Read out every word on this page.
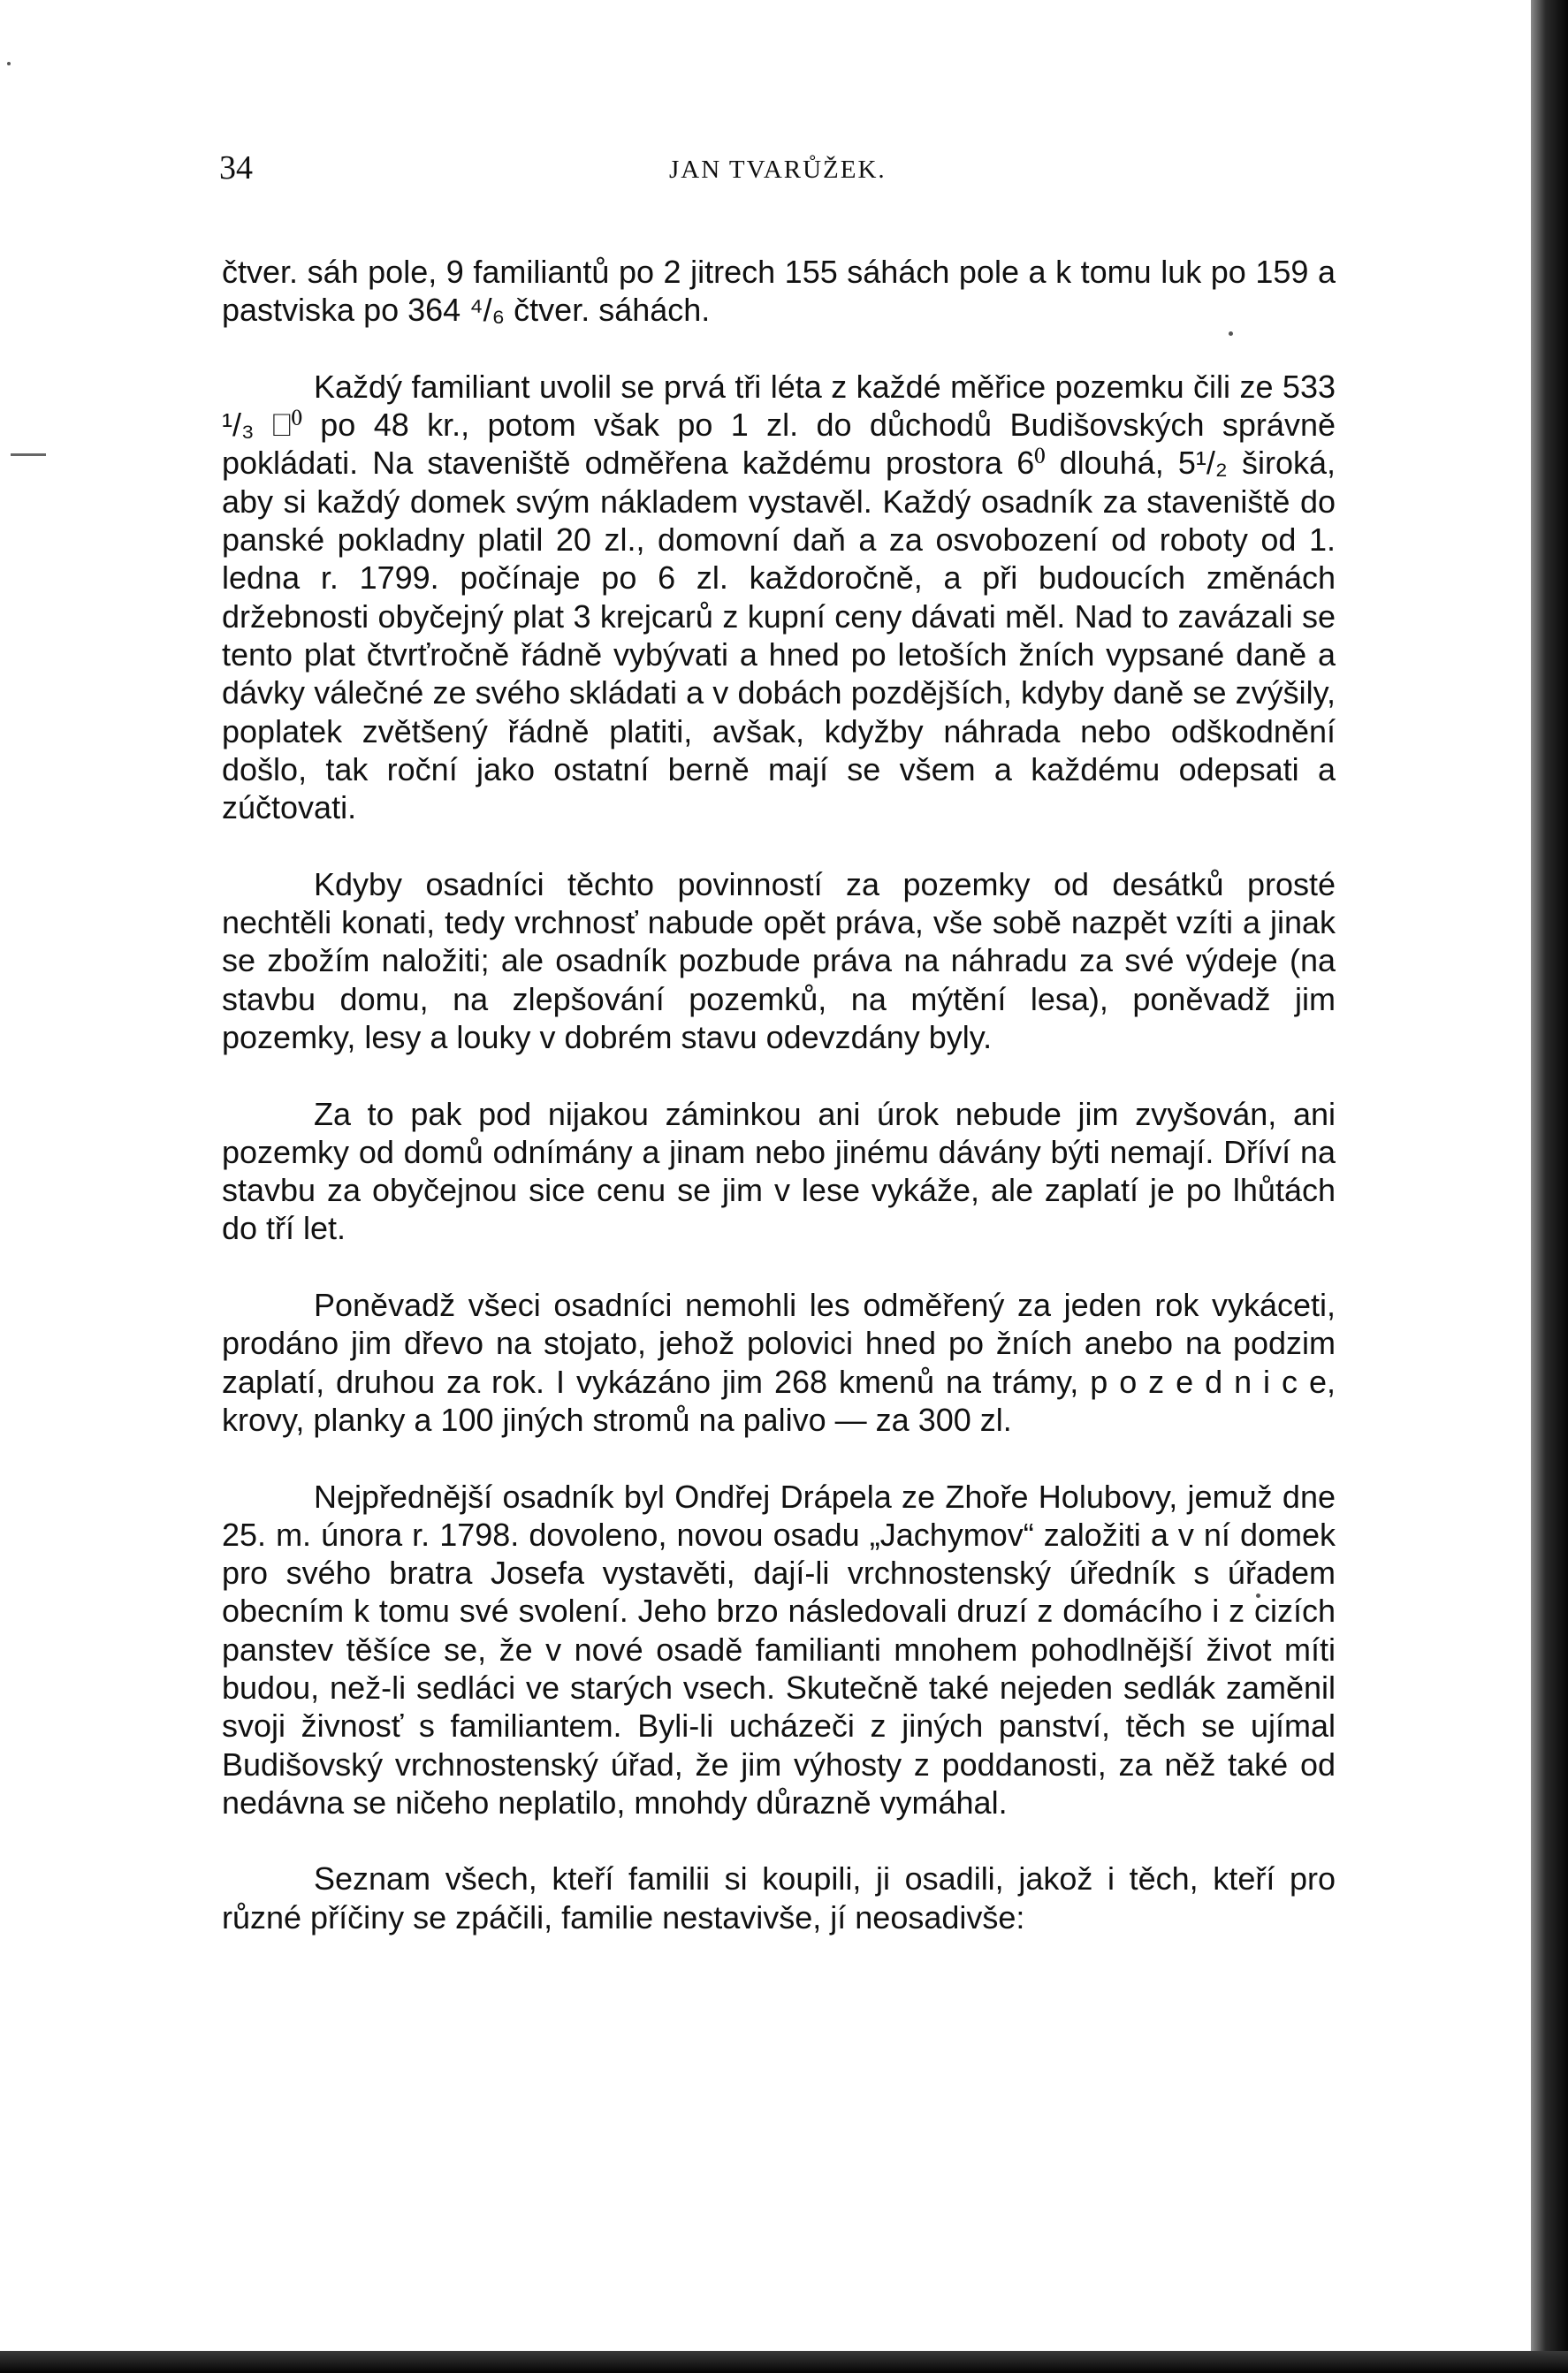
34	JAN TVARŮŽEK.

čtver. sáh pole, 9 familiantů po 2 jitrech 155 sáhách pole a k tomu luk po 159 a pastviska po 364 ⁴/₆ čtver. sáhách.

Každý familiant uvolil se prvá tři léta z každé měřice pozemku čili ze 533 ¹/₃ ⎕⁰ po 48 kr., potom však po 1 zl. do důchodů Budišovských správně pokládati. Na staveniště odměřena každému prostora 6⁰ dlouhá, 5¹/₂ široká, aby si každý domek svým nákladem vystavěl. Každý osadník za staveniště do panské pokladny platil 20 zl., domovní daň a za osvobození od roboty od 1. ledna r. 1799. počínaje po 6 zl. každoročně, a při budoucích změnách držebnosti obyčejný plat 3 krejcarů z kupní ceny dávati měl. Nad to zavázali se tento plat čtvrťročně řádně vybývati a hned po letoších žních vypsané daně a dávky válečné ze svého skládati a v dobách pozdějších, kdyby daně se zvýšily, poplatek zvětšený řádně platiti, avšak, kdyžby náhrada nebo odškodnění došlo, tak roční jako ostatní berně mají se všem a každému odepsati a zúčtovati.

Kdyby osadníci těchto povinností za pozemky od desátků prosté nechtěli konati, tedy vrchnosť nabude opět práva, vše sobě nazpět vzíti a jinak se zbožím naložiti; ale osadník pozbude práva na náhradu za své výdeje (na stavbu domu, na zlepšování pozemků, na mýtění lesa), poněvadž jim pozemky, lesy a louky v dobrém stavu odevzdány byly.

Za to pak pod nijakou záminkou ani úrok nebude jim zvyšován, ani pozemky od domů odnímány a jinam nebo jinému dávány býti nemají. Dříví na stavbu za obyčejnou sice cenu se jim v lese vykáže, ale zaplatí je po lhůtách do tří let.

Poněvadž všeci osadníci nemohli les odměřený za jeden rok vykáceti, prodáno jim dřevo na stojato, jehož polovici hned po žních anebo na podzim zaplatí, druhou za rok. I vykázáno jim 268 kmenů na trámy, p o z e d n i c e, krovy, planky a 100 jiných stromů na palivo — za 300 zl.

Nejpřednější osadník byl Ondřej Drápela ze Zhoře Holubovy, jemuž dne 25. m. února r. 1798. dovoleno, novou osadu „Jachymov“ založiti a v ní domek pro svého bratra Josefa vystavěti, dají-li vrchnostenský úředník s úřadem obecním k tomu své svolení. Jeho brzo následovali druzí z domácího i z cizích panstev těšíce se, že v nové osadě familianti mnohem pohodlnější život míti budou, než-li sedláci ve starých vsech. Skutečně také nejeden sedlák zaměnil svoji živnosť s familiantem. Byli-li ucházeči z jiných panství, těch se ujímal Budišovský vrchnostenský úřad, že jim výhosty z poddanosti, za něž také od nedávna se ničeho neplatilo, mnohdy důrazně vymáhal.

Seznam všech, kteří familii si koupili, ji osadili, jakož i těch, kteří pro různé příčiny se zpáčili, familie nestavivše, jí neosadivše:
